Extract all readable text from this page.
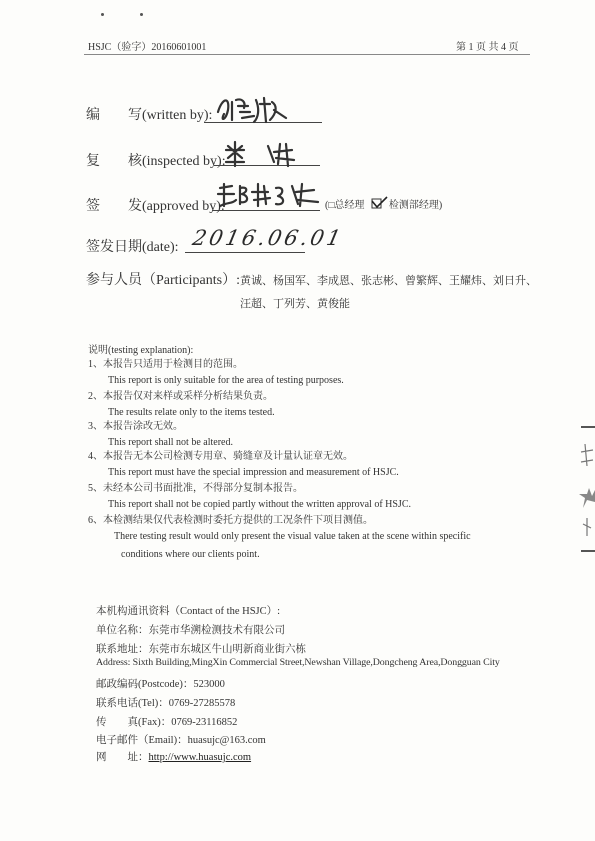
HSJC（验字）20160601001	第 1 页 共 4 页
编　　写(written by):
复　　核(inspected by):
签　　发(approved by):	(□总经理 检测部经理)
签发日期(date): 2016.06.01
参与人员（Participants）:黄诚、杨国军、李成恩、张志彬、曾繁辉、王耀炜、刘日升、
汪超、丁列芳、黄俊能
说明(testing explanation):
1、本报告只适用于检测目的范围。
This report is only suitable for the area of testing purposes.
2、本报告仅对来样或采样分析结果负责。
The results relate only to the items tested.
3、本报告涂改无效。
This report shall not be altered.
4、本报告无本公司检测专用章、骑缝章及计量认证章无效。
This report must have the special impression and measurement of HSJC.
5、未经本公司书面批准，不得部分复制本报告。
This report shall not be copied partly without the written approval of HSJC.
6、本检测结果仅代表检测时委托方提供的工况条件下项目测值。
There testing result would only present the visual value taken at the scene within specific
conditions where our clients point.
本机构通讯资料（Contact of the HSJC）:
单位名称：东莞市华溯检测技术有限公司
联系地址：东莞市东城区牛山明新商业街六栋
Address: Sixth Building,MingXin Commercial Street,Newshan Village,Dongcheng Area,Dongguan City
邮政编码(Postcode)：523000
联系电话(Tel)：0769-27285578
传　　真(Fax)：0769-23116852
电子邮件（Email)：huasujc@163.com
网　　址：http://www.huasujc.com
